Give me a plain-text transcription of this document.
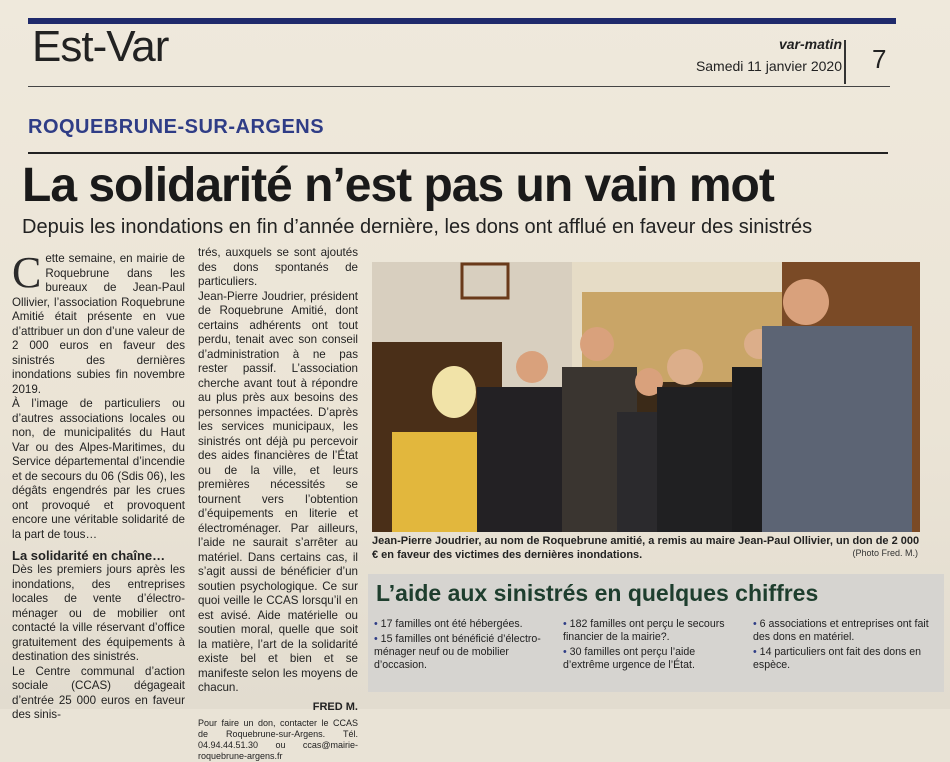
Est-Var	var-matin
Samedi 11 janvier 2020 7
ROQUEBRUNE-SUR-ARGENS
La solidarité n’est pas un vain mot
Depuis les inondations en fin d’année dernière, les dons ont afflué en faveur des sinistrés

Cette semaine, en mairie de Roquebrune dans les bureaux de Jean-Paul Ollivier, l’association Roquebrune Amitié était présente en vue d’attribuer un don d’une valeur de 2 000 euros en faveur des sinistrés des dernières inondations subies fin novembre 2019.

À l’image de particuliers ou d’autres associations locales ou non, de municipalités du Haut Var ou des Alpes-Maritimes, du Service départemental d’incendie et de secours du 06 (Sdis 06), les dégâts engendrés par les crues ont provoqué et provoquent encore une véritable solidarité de la part de tous…

La solidarité en chaîne…

Dès les premiers jours après les inondations, des entreprises locales de vente d’électro-ménager ou de mobilier ont contacté la ville réservant d’office gratuitement des équipements à destination des sinistrés.

Le Centre communal d’action sociale (CCAS) dégageait d’entrée 25 000 euros en faveur des sinis-

trés, auxquels se sont ajoutés des dons spontanés de particuliers.

Jean-Pierre Joudrier, président de Roquebrune Amitié, dont certains adhérents ont tout perdu, tenait avec son conseil d’administration à ne pas rester passif. L’association cherche avant tout à répondre au plus près aux besoins des personnes impactées. D’après les services municipaux, les sinistrés ont déjà pu percevoir des aides financières de l’État ou de la ville, et leurs premières nécessités se tournent vers l’obtention d’équipements en literie et électroménager. Par ailleurs, l’aide ne saurait s’arrêter au matériel. Dans certains cas, il s’agit aussi de bénéficier d’un soutien psychologique. Ce sur quoi veille le CCAS lorsqu’il en est avisé. Aide matérielle ou soutien moral, quelle que soit la matière, l’art de la solidarité existe bel et bien et se manifeste selon les moyens de chacun.

FRED M.

Pour faire un don, contacter le CCAS de Roquebrune-sur-Argens. Tél. 04.94.44.51.30 ou ccas@mairie-roquebrune-argens.fr

Jean-Pierre Joudrier, au nom de Roquebrune amitié, a remis au maire Jean-Paul Ollivier, un don de 2 000 € en faveur des victimes des dernières inondations.	(Photo Fred. M.)
L’aide aux sinistrés en quelques chiffres

• 17 familles ont été hébergées.

• 15 familles ont bénéficié d’électro-ménager neuf ou de mobilier d’occasion.

• 182 familles ont perçu le secours financier de la mairie?.

• 30 familles ont perçu l’aide d’extrême urgence de l’État.

• 6 associations et entreprises ont fait des dons en matériel.

• 14 particuliers ont fait des dons en espèce.
